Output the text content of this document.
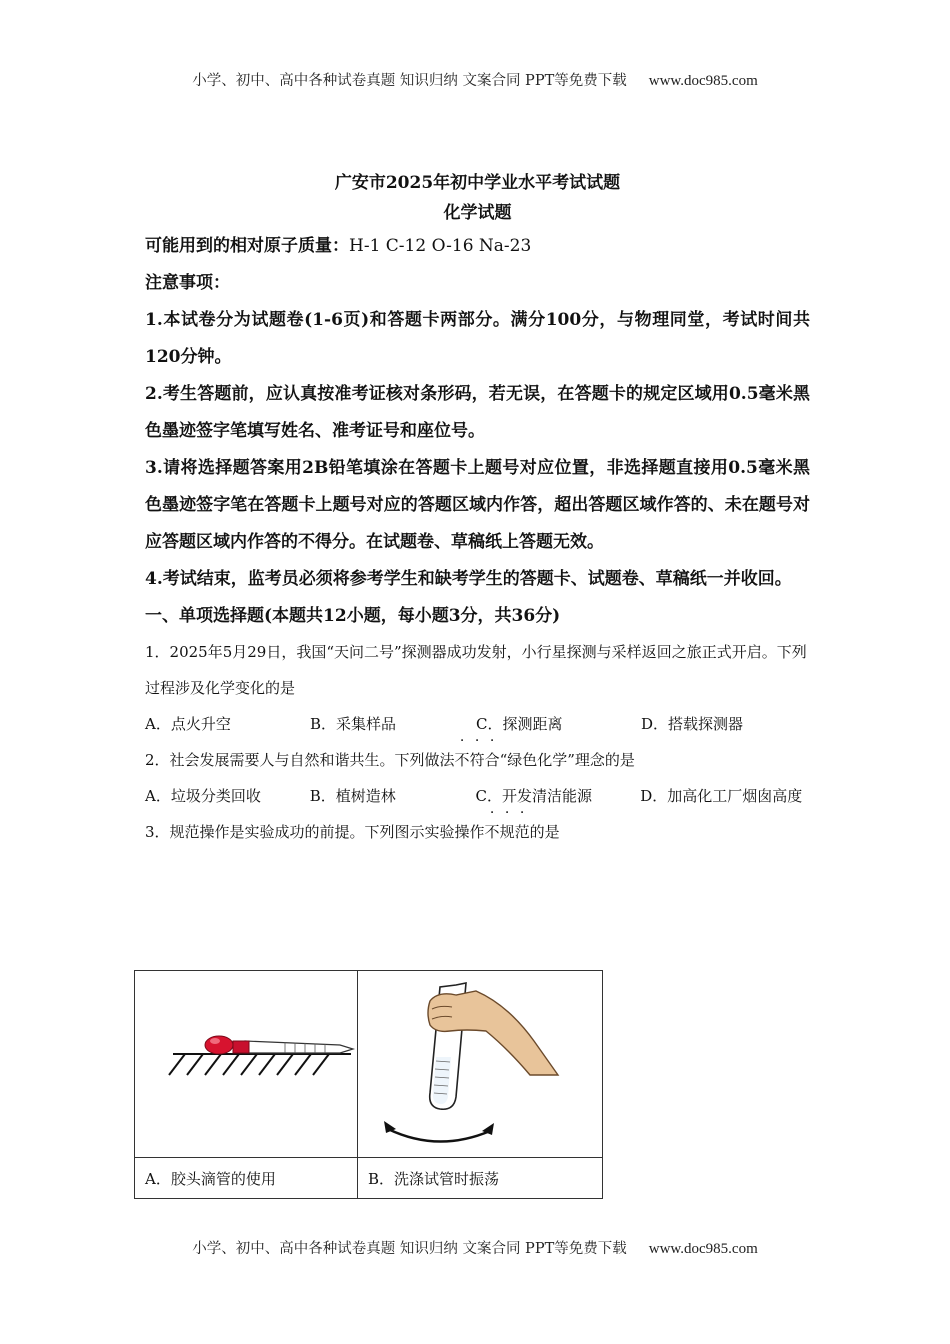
小学、初中、高中各种试卷真题 知识归纳 文案合同 PPT等免费下载 www.doc985.com
广安市2025年初中学业水平考试试题
化学试题
可能用到的相对原子质量：H-1 C-12 O-16 Na-23
注意事项：

1.本试卷分为试题卷(1-6页)和答题卡两部分。满分100分，与物理同堂，考试时间共120分钟。

2.考生答题前，应认真按准考证核对条形码，若无误，在答题卡的规定区域用0.5毫米黑色墨迹签字笔填写姓名、准考证号和座位号。

3.请将选择题答案用2B铅笔填涂在答题卡上题号对应位置，非选择题直接用0.5毫米黑色墨迹签字笔在答题卡上题号对应的答题区域内作答，超出答题区域作答的、未在题号对应答题区域内作答的不得分。在试题卷、草稿纸上答题无效。

4.考试结束，监考员必须将参考学生和缺考学生的答题卡、试题卷、草稿纸一并收回。

一、单项选择题(本题共12小题，每小题3分，共36分)

1．2025年5月29日，我国“天问二号”探测器成功发射，小行星探测与采样返回之旅正式开启。下列过程涉及化学变化的是

A．点火升空	B．采集样品	C．探测距离	D．搭载探测器

2．社会发展需要人与自然和谐共生。下列做法不符合“绿色化学”理念的是

A．垃圾分类回收	B．植树造林	C．开发清洁能源	D．加高化工厂烟囱高度

3．规范操作是实验成功的前提。下列图示实验操作不规范的是

A．胶头滴管的使用	B．洗涤试管时振荡
小学、初中、高中各种试卷真题 知识归纳 文案合同 PPT等免费下载 www.doc985.com
